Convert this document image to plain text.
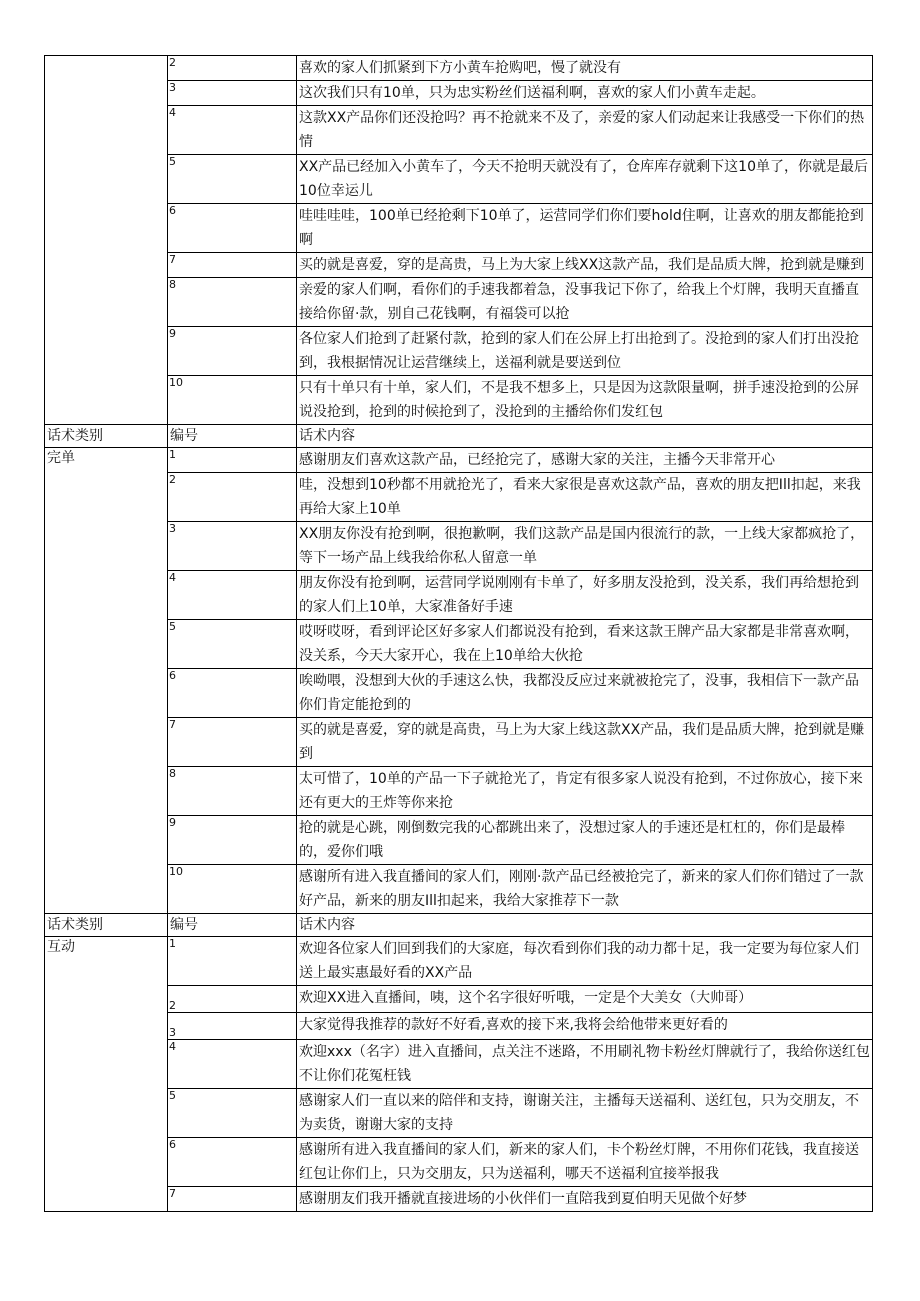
	2	喜欢的家人们抓紧到下方小黄车抢购吧，慢了就没有
	3	这次我们只有10单，只为忠实粉丝们送福利啊，喜欢的家人们小黄车走起。
	4	这款XX产品你们还没抢吗？再不抢就来不及了，亲爱的家人们动起来让我感受一下你们的热情
	5	XX产品已经加入小黄车了，今天不抢明天就没有了，仓库库存就剩下这10单了，你就是最后10位幸运儿
	6	哇哇哇哇，100单已经抢剩下10单了，运营同学们你们要hold住啊，让喜欢的朋友都能抢到啊
	7	买的就是喜爱，穿的是高贵，马上为大家上线XX这款产品，我们是品质大牌，抢到就是赚到
	8	亲爱的家人们啊，看你们的手速我都着急，没事我记下你了，给我上个灯牌，我明天直播直接给你留·款，别自己花钱啊，有福袋可以抢
	9	各位家人们抢到了赶紧付款，抢到的家人们在公屏上打出抢到了。没抢到的家人们打出没抢到，我根据情况让运营继续上，送福利就是要送到位
	10	只有十单只有十单，家人们，不是我不想多上，只是因为这款限量啊，拼手速没抢到的公屏说没抢到，抢到的时候抢到了，没抢到的主播给你们发红包
话术类别	编号	话术内容
完单	1	感谢朋友们喜欢这款产品，已经抢完了，感谢大家的关注，主播今天非常开心
	2	哇，没想到10秒都不用就抢光了，看来大家很是喜欢这款产品，喜欢的朋友把Ill扣起，来我再给大家上10单
	3	XX朋友你没有抢到啊，很抱歉啊，我们这款产品是国内很流行的款，一上线大家都疯抢了，等下一场产品上线我给你私人留意一单
	4	朋友你没有抢到啊，运营同学说刚刚有卡单了，好多朋友没抢到，没关系，我们再给想抢到的家人们上10单，大家准备好手速
	5	哎呀哎呀，看到评论区好多家人们都说没有抢到，看来这款王牌产品大家都是非常喜欢啊，没关系，今天大家开心，我在上10单给大伙抢
	6	唉呦喂，没想到大伙的手速这么快，我都没反应过来就被抢完了，没事，我相信下一款产品你们肯定能抢到的
	7	买的就是喜爱，穿的就是高贵，马上为大家上线这款XX产品，我们是品质大牌，抢到就是赚到
	8	太可惜了，10单的产品一下子就抢光了，肯定有很多家人说没有抢到，不过你放心，接下来还有更大的王炸等你来抢
	9	抢的就是心跳，刚倒数完我的心都跳出来了，没想过家人的手速还是杠杠的，你们是最棒的，爱你们哦
	10	感谢所有进入我直播间的家人们，刚刚·款产品已经被抢完了，新来的家人们你们错过了一款好产品，新来的朋友Ill扣起来，我给大家推荐下一款
话术类别	编号	话术内容
互动	1	欢迎各位家人们回到我们的大家庭，每次看到你们我的动力都十足，我一定要为每位家人们送上最实惠最好看的XX产品
	2	欢迎XX进入直播间，咦，这个名字很好听哦，一定是个大美女（大帅哥）
	3	大家觉得我推荐的款好不好看,喜欢的接下来,我将会给他带来更好看的
	4	欢迎xxx（名字）进入直播间，点关注不迷路，不用刷礼物卡粉丝灯牌就行了，我给你送红包不让你们花冤枉钱
	5	感谢家人们一直以来的陪伴和支持，谢谢关注，主播每天送福利、送红包，只为交朋友，不为卖货，谢谢大家的支持
	6	感谢所有进入我直播间的家人们，新来的家人们，卡个粉丝灯牌，不用你们花钱，我直接送红包让你们上，只为交朋友，只为送福利，哪天不送福利宜接举报我
	7	感谢朋友们我开播就直接进场的小伙伴们一直陪我到夏伯明天见做个好梦
